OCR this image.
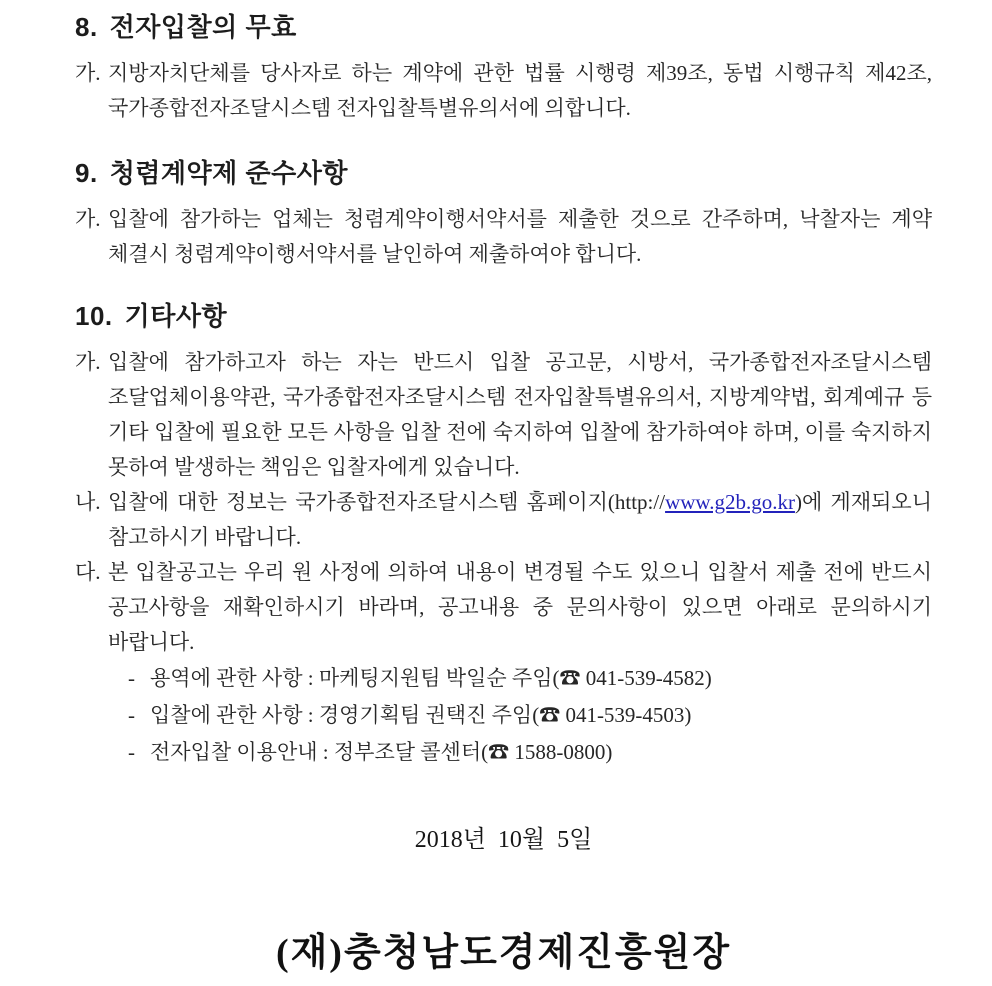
8. 전자입찰의 무효
가. 지방자치단체를 당사자로 하는 계약에 관한 법률 시행령 제39조, 동법 시행규칙 제42조, 국가종합전자조달시스템 전자입찰특별유의서에 의합니다.

9. 청렴계약제 준수사항
가. 입찰에 참가하는 업체는 청렴계약이행서약서를 제출한 것으로 간주하며, 낙찰자는 계약 체결시 청렴계약이행서약서를 날인하여 제출하여야 합니다.

10. 기타사항
가. 입찰에 참가하고자 하는 자는 반드시 입찰 공고문, 시방서, 국가종합전자조달시스템 조달업체이용약관, 국가종합전자조달시스템 전자입찰특별유의서, 지방계약법, 회계예규 등 기타 입찰에 필요한 모든 사항을 입찰 전에 숙지하여 입찰에 참가하여야 하며, 이를 숙지하지 못하여 발생하는 책임은 입찰자에게 있습니다.

나. 입찰에 대한 정보는 국가종합전자조달시스템 홈페이지(http://www.g2b.go.kr)에 게재되오니 참고하시기 바랍니다.

다. 본 입찰공고는 우리 원 사정에 의하여 내용이 변경될 수도 있으니 입찰서 제출 전에 반드시 공고사항을 재확인하시기 바라며, 공고내용 중 문의사항이 있으면 아래로 문의하시기 바랍니다.

- 용역에 관한 사항 : 마케팅지원팀 박일순 주임(☎ 041-539-4582)

- 입찰에 관한 사항 : 경영기획팀 권택진 주임(☎ 041-539-4503)

- 전자입찰 이용안내 : 정부조달 콜센터(☎ 1588-0800)

2018년 10월 5일
(재)충청남도경제진흥원장
